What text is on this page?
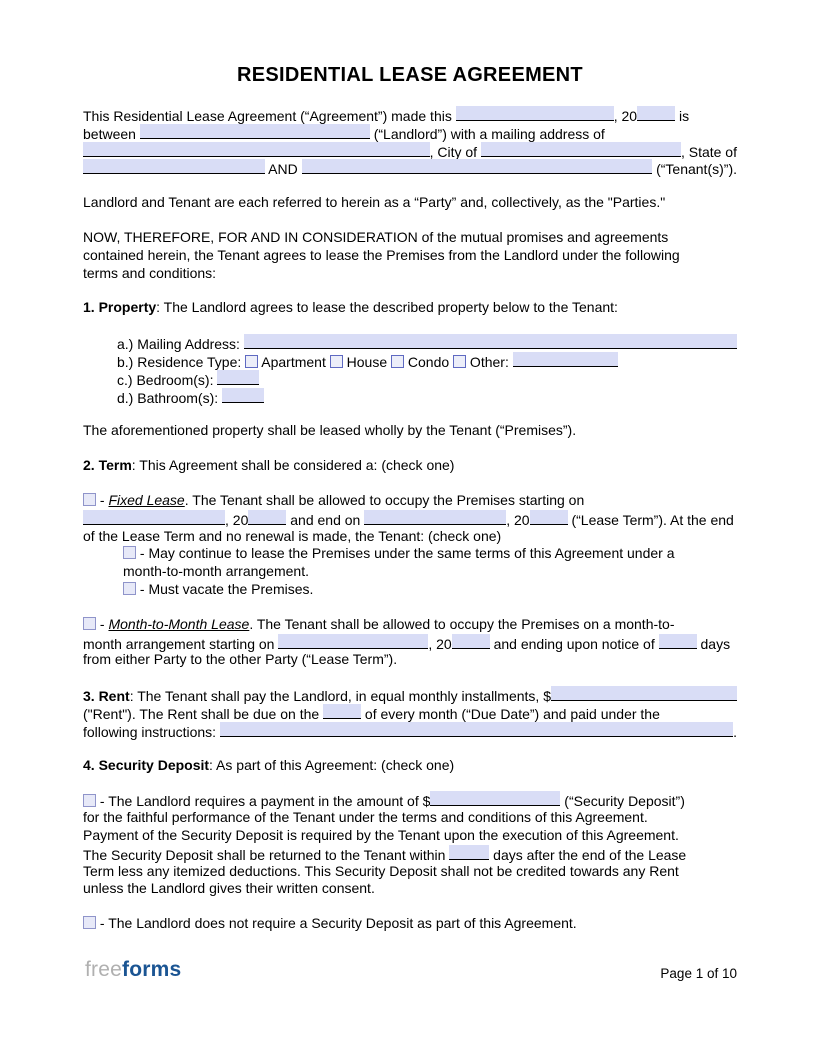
RESIDENTIAL LEASE AGREEMENT
This Residential Lease Agreement (“Agreement”) made this	, 20	is
between	(“Landlord”) with a mailing address of
, City of	, State of
AND	(“Tenant(s)”).
Landlord and Tenant are each referred to herein as a “Party” and, collectively, as the "Parties."
NOW, THEREFORE, FOR AND IN CONSIDERATION of the mutual promises and agreements
contained herein, the Tenant agrees to lease the Premises from the Landlord under the following
terms and conditions:
1. Property : The Landlord agrees to lease the described property below to the Tenant:
a.) Mailing Address:
b.) Residence Type: Apartment House Condo Other:
c.) Bedroom(s):
d.) Bathroom(s):
The aforementioned property shall be leased wholly by the Tenant (“Premises”).
2. Term : This Agreement shall be considered a: (check one)
- Fixed Lease . The Tenant shall be allowed to occupy the Premises starting on
, 20	and end on	, 20	(“Lease Term”). At the end
of the Lease Term and no renewal is made, the Tenant: (check one)
- May continue to lease the Premises under the same terms of this Agreement under a
month-to-month arrangement.
- Must vacate the Premises.
- Month-to-Month Lease . The Tenant shall be allowed to occupy the Premises on a month-to-
month arrangement starting on	, 20	and ending upon notice of	days
from either Party to the other Party (“Lease Term”).
3. Rent : The Tenant shall pay the Landlord, in equal monthly installments, $
("Rent"). The Rent shall be due on the	of every month (“Due Date”) and paid under the
following instructions:	.
4. Security Deposit : As part of this Agreement: (check one)
- The Landlord requires a payment in the amount of $	(“Security Deposit”)
for the faithful performance of the Tenant under the terms and conditions of this Agreement.
Payment of the Security Deposit is required by the Tenant upon the execution of this Agreement.
The Security Deposit shall be returned to the Tenant within	days after the end of the Lease
Term less any itemized deductions. This Security Deposit shall not be credited towards any Rent
unless the Landlord gives their written consent.
- The Landlord does not require a Security Deposit as part of this Agreement.
freeforms	Page 1 of 10
